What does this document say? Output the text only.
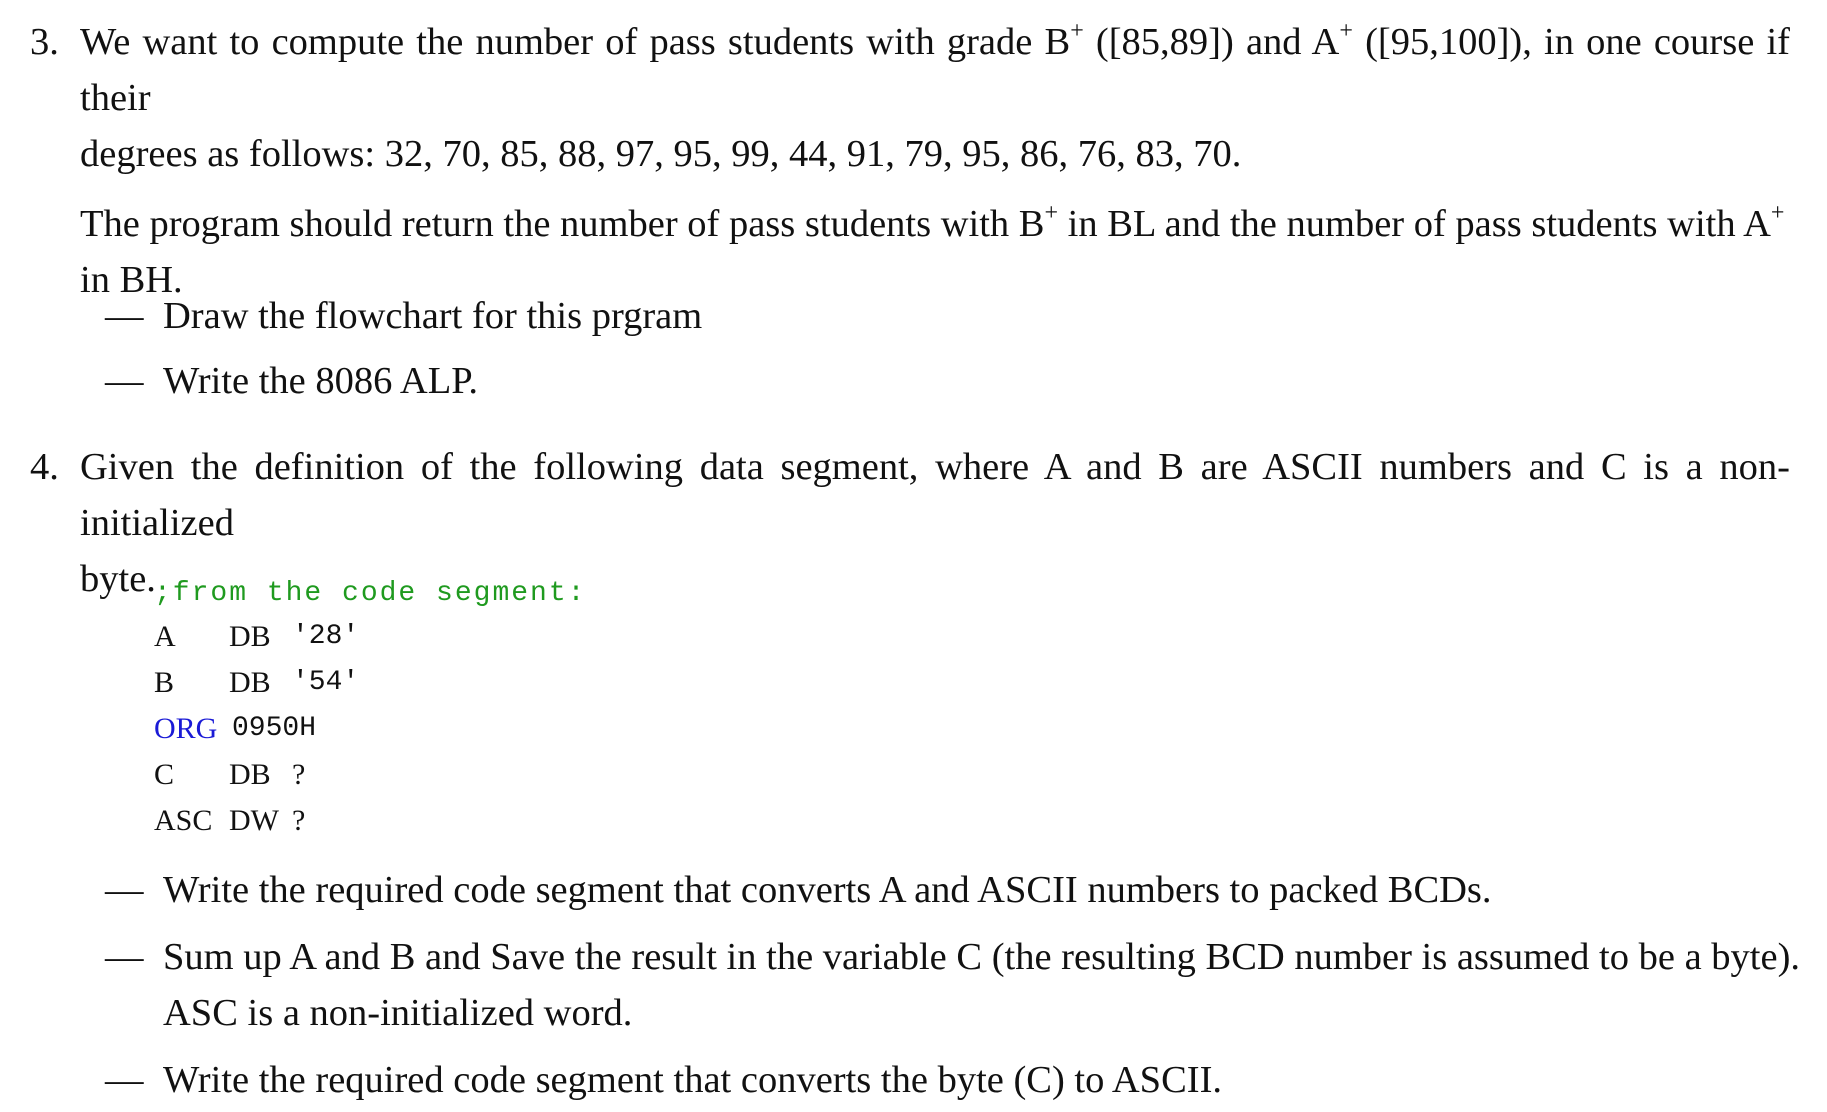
3. We want to compute the number of pass students with grade B+ ([85,89]) and A+ ([95,100]), in one course if their
degrees as follows: 32, 70, 85, 88, 97, 95, 99, 44, 91, 79, 95, 86, 76, 83, 70.

The program should return the number of pass students with B+ in BL and the number of pass students with A+
in BH.

— Draw the flowchart for this prgram
— Write the 8086 ALP.
4. Given the definition of the following data segment, where A and B are ASCII numbers and C is a non-initialized
byte.

;from the code segment:
A DB '28'
B DB '54'
ORG 0950H
C DB ?
ASC DW ?
— Write the required code segment that converts A and ASCII numbers to packed BCDs.
— Sum up A and B and Save the result in the variable C (the resulting BCD number is assumed to be a byte).
ASC is a non-initialized word.
— Write the required code segment that converts the byte (C) to ASCII.
